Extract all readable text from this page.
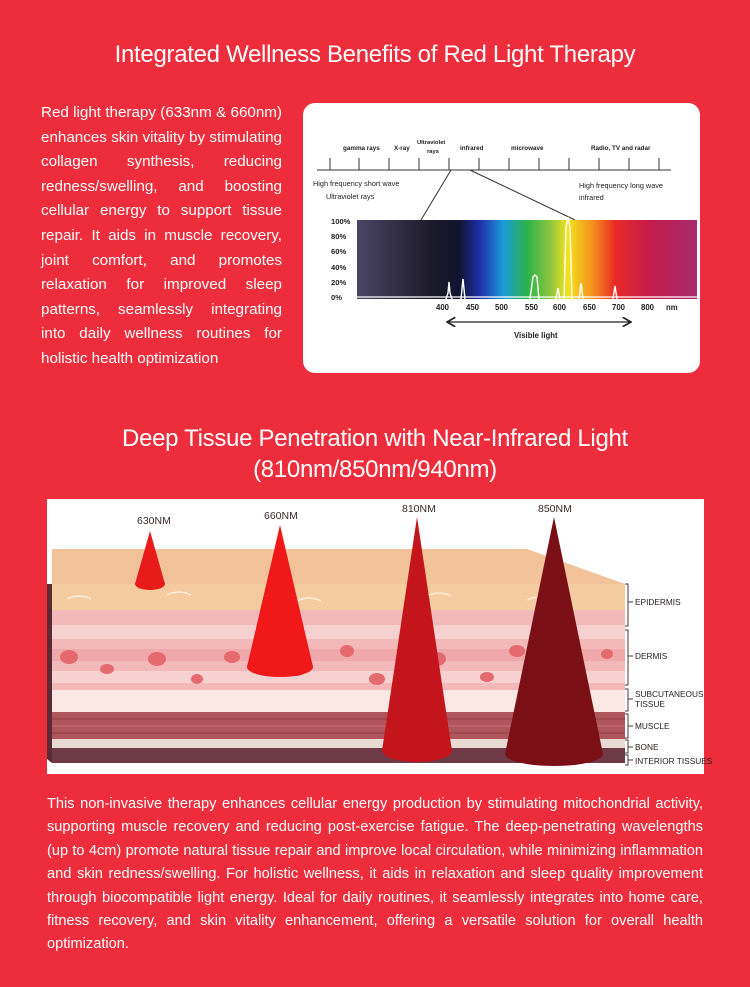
Integrated Wellness Benefits of Red Light Therapy
Red light therapy (633nm & 660nm) enhances skin vitality by stimulating collagen synthesis, reducing redness/swelling, and boosting cellular energy to support tissue repair. It aids in muscle recovery, joint comfort, and promotes relaxation for improved sleep patterns, seamlessly integrating into daily wellness routines for holistic health optimization
gamma rays X-ray
Ultraviolet
rays	infrared	microwave	Radio, TV and radar
High frequency short wave
Ultraviolet rays
High frequency long wave
infrared
100%
80%
60%
40%
20%
0%
400 450 500 550 600 650 700 800 nm
Visible light
Deep Tissue Penetration with Near-Infrared Light
(810nm/850nm/940nm)
630NM	660NM
810NM	850NM
EPIDERMIS
DERMIS
SUBCUTANEOUS
TISSUE
MUSCLE
BONE
INTERIOR TISSUES
This non-invasive therapy enhances cellular energy production by stimulating mitochondrial activity, supporting muscle recovery and reducing post-exercise fatigue. The deep-penetrating wavelengths (up to 4cm) promote natural tissue repair and improve local circulation, while minimizing inflammation and skin redness/swelling. For holistic wellness, it aids in relaxation and sleep quality improvement through biocompatible light energy. Ideal for daily routines, it seamlessly integrates into home care, fitness recovery, and skin vitality enhancement, offering a versatile solution for overall health optimization.
